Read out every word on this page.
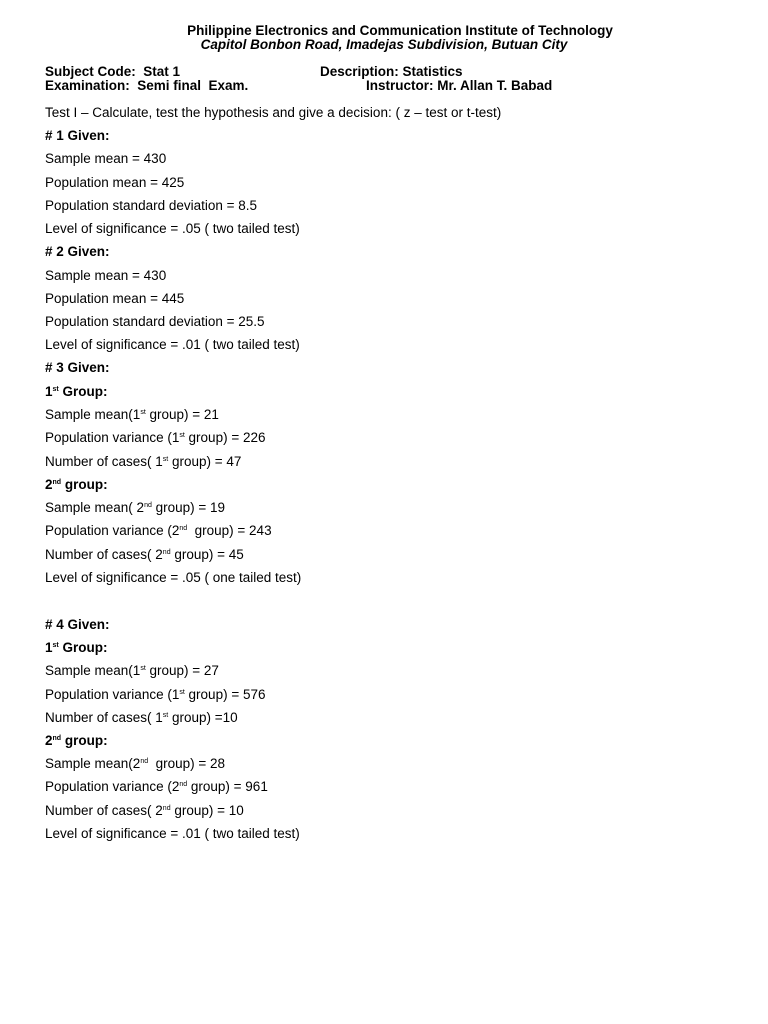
Philippine Electronics and Communication Institute of Technology
Capitol Bonbon Road, Imadejas Subdivision, Butuan City
Subject Code:  Stat 1	Description: Statistics
Examination:  Semi final  Exam.	Instructor: Mr. Allan T. Babad
Test I – Calculate, test the hypothesis and give a decision: ( z – test or t-test)
# 1 Given:
Sample mean = 430
Population mean = 425
Population standard deviation = 8.5
Level of significance = .05 ( two tailed test)
# 2 Given:
Sample mean = 430
Population mean = 445
Population standard deviation = 25.5
Level of significance = .01 ( two tailed test)
# 3 Given:
1st Group:
Sample mean(1st group) = 21
Population variance (1st group) = 226
Number of cases( 1st group) = 47
2nd group:
Sample mean( 2nd group) = 19
Population variance (2nd  group) = 243
Number of cases( 2nd group) = 45
Level of significance = .05 ( one tailed test)
# 4 Given:
1st Group:
Sample mean(1st group) = 27
Population variance (1st group) = 576
Number of cases( 1st group) =10
2nd group:
Sample mean(2nd  group) = 28
Population variance (2nd group) = 961
Number of cases( 2nd group) = 10
Level of significance = .01 ( two tailed test)
